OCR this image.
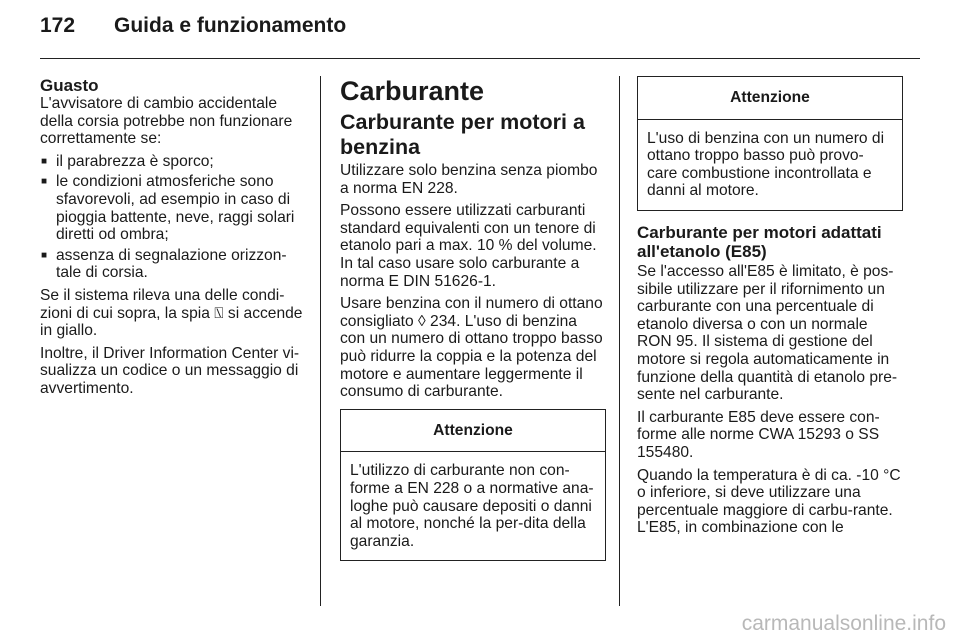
172	Guida e funzionamento
Guasto

L'avvisatore di cambio accidentale della corsia potrebbe non funzionare correttamente se:

■ il parabrezza è sporco;
■ le condizioni atmosferiche sono sfavorevoli, ad esempio in caso di pioggia battente, neve, raggi solari diretti od ombra;
■ assenza di segnalazione orizzon-tale di corsia.

Se il sistema rileva una delle condi-zioni di cui sopra, la spia ⍂ si accende in giallo.

Inoltre, il Driver Information Center vi-sualizza un codice o un messaggio di avvertimento.

Carburante
Carburante per motori a benzina

Utilizzare solo benzina senza piombo a norma EN 228.

Possono essere utilizzati carburanti standard equivalenti con un tenore di etanolo pari a max. 10 % del volume. In tal caso usare solo carburante a norma E DIN 51626-1.

Usare benzina con il numero di ottano consigliato ◊ 234. L'uso di benzina con un numero di ottano troppo basso può ridurre la coppia e la potenza del motore e aumentare leggermente il consumo di carburante.

Attenzione
L'utilizzo di carburante non con-forme a EN 228 o a normative ana-loghe può causare depositi o danni al motore, nonché la per-dita della garanzia.
Attenzione
L'uso di benzina con un numero di ottano troppo basso può provo-care combustione incontrollata e danni al motore.
Carburante per motori adattati all'etanolo (E85)

Se l'accesso all'E85 è limitato, è pos-sibile utilizzare per il rifornimento un carburante con una percentuale di etanolo diversa o con un normale RON 95. Il sistema di gestione del motore si regola automaticamente in funzione della quantità di etanolo pre-sente nel carburante.

Il carburante E85 deve essere con-forme alle norme CWA 15293 o SS 155480.

Quando la temperatura è di ca. -10 °C o inferiore, si deve utilizzare una percentuale maggiore di carbu-rante. L'E85, in combinazione con le

carmanualsonline.info
